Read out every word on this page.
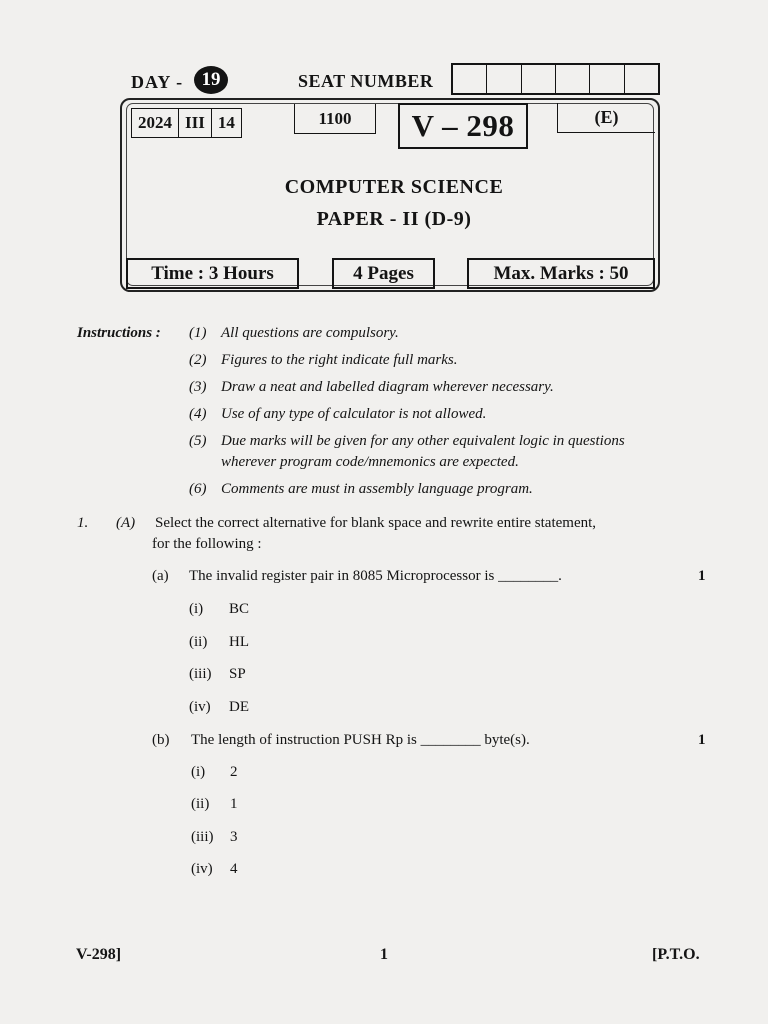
DAY - 19	SEAT NUMBER
2024 III 14	1100	V – 298	(E)
COMPUTER SCIENCE
PAPER - II (D-9)
Time : 3 Hours	4 Pages	Max. Marks : 50
Instructions : (1) All questions are compulsory.
(2) Figures to the right indicate full marks.
(3) Draw a neat and labelled diagram wherever necessary.
(4) Use of any type of calculator is not allowed.
(5) Due marks will be given for any other equivalent logic in questions
wherever program code/mnemonics are expected.
(6) Comments are must in assembly language program.
1. (A) Select the correct alternative for blank space and rewrite entire statement,
for the following :
(a) The invalid register pair in 8085 Microprocessor is ________.	1
(i) BC
(ii) HL
(iii) SP
(iv) DE
(b) The length of instruction PUSH Rp is ________ byte(s).	1
(i) 2
(ii) 1
(iii) 3
(iv) 4
V-298]	1	[P.T.O.
